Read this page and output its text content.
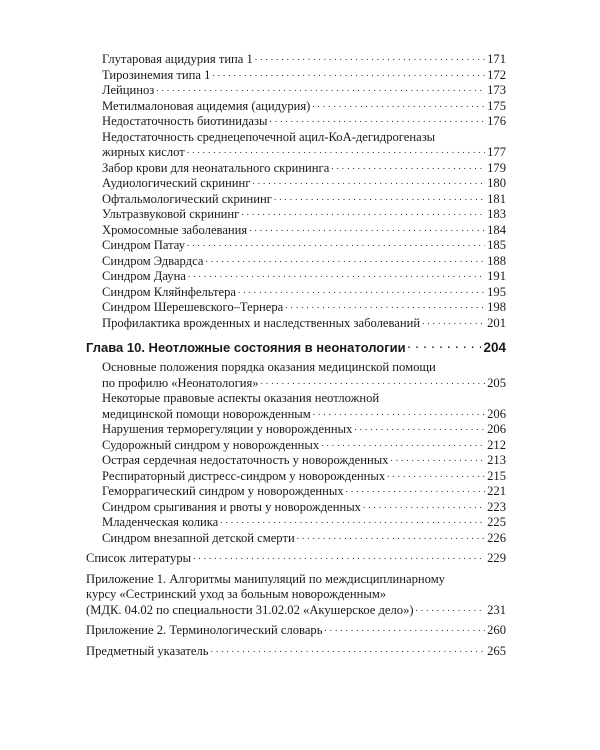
Глутаровая ацидурия типа 1 . . .	171
Тирозинемия типа 1 . . .	172
Лейциноз . . .	173
Метилмалоновая ацидемия (ацидурия) . . .	175
Недостаточность биотинидазы . . .	176
Недостаточность среднецепочечной ацил-КоА-дегидрогеназы
жирных кислот . . .	177
Забор крови для неонатального скрининга . . .	179
Аудиологический скрининг . . .	180
Офтальмологический скрининг . . .	181
Ультразвуковой скрининг . . .	183
Хромосомные заболевания . . .	184
Синдром Патау . . .	185
Синдром Эдвардса . . .	188
Синдром Дауна . . .	191
Синдром Кляйнфельтера . . .	195
Синдром Шерешевского–Тернера . . .	198
Профилактика врожденных и наследственных заболеваний . . .	201
Глава 10. Неотложные состояния в неонатологии . . .	204
Основные положения порядка оказания медицинской помощи
по профилю «Неонатология» . . .	205
Некоторые правовые аспекты оказания неотложной
медицинской помощи новорожденным . . .	206
Нарушения терморегуляции у новорожденных . . .	206
Судорожный синдром у новорожденных . . .	212
Острая сердечная недостаточность у новорожденных . . .	213
Респираторный дистресс-синдром у новорожденных . . .	215
Геморрагический синдром у новорожденных . . .	221
Синдром срыгивания и рвоты у новорожденных . . .	223
Младенческая колика . . .	225
Синдром внезапной детской смерти . . .	226
Список литературы . . .	229
Приложение 1. Алгоритмы манипуляций по междисциплинарному
курсу «Сестринский уход за больным новорожденным»
(МДК. 04.02 по специальности 31.02.02 «Акушерское дело») . . .	231
Приложение 2. Терминологический словарь . . .	260
Предметный указатель . . .	265
